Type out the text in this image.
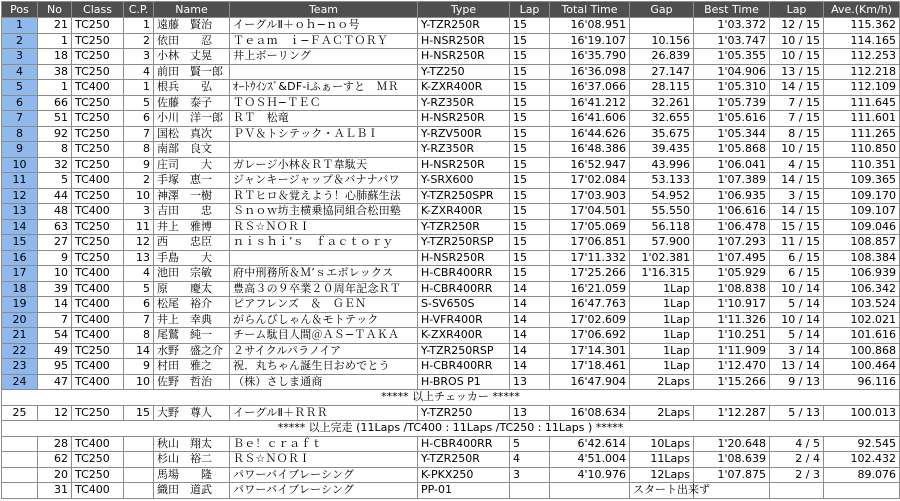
Pos	No	Class	C.P.	Name	Team	Type	Lap	Total Time	Gap	Best Time	Lap	Ave.(Km/h)
1	21	TC250	1	遠藤　賢治	イーグルⅡ＋ｏｈ−ｎｏ号	Y-TZR250R	15	16'08.951		1'03.372	12 / 15	115.362
2	1	TC250	2	依田　　忍	Ｔｅａｍ　ｉ−ＦＡＣＴＯＲＹ	H-NSR250R	15	16'19.107	10.156	1'03.747	10 / 15	114.165
3	18	TC250	3	小林　丈晃	井上ボーリング	H-NSR250R	15	16'35.790	26.839	1'05.355	10 / 15	112.253
4	38	TC250	4	前田　賢一郎		Y-TZ250	15	16'36.098	27.147	1'04.906	13 / 15	112.218
5	1	TC400	1	根兵　　弘	ｵｰﾄｳｲﾝｽﾞ&DF-iふぁーすと　ＭＲ	K-ZXR400R	15	16'37.066	28.115	1'05.310	14 / 15	112.109
6	66	TC250	5	佐藤　泰子	ＴＯＳＨ−ＴＥＣ	Y-RZ350R	15	16'41.212	32.261	1'05.739	7 / 15	111.645
7	51	TC250	6	小川　洋一郎	ＲＴ　松竜	H-NSR250R	15	16'41.606	32.655	1'05.616	7 / 15	111.601
8	92	TC250	7	国松　真次	ＰＶ＆トシテック・ＡＬＢＩ	Y-RZV500R	15	16'44.626	35.675	1'05.344	8 / 15	111.265
9	8	TC250	8	南部　良文		Y-RZ350R	15	16'48.386	39.435	1'05.868	10 / 15	110.850
10	32	TC250	9	庄司　　大	ガレージ小林＆ＲＴ韋駄天	H-NSR250R	15	16'52.947	43.996	1'06.041	4 / 15	110.351
11	5	TC400	2	手塚　恵一	ジャンキージャップ＆バナナバワ	Y-SRX600	15	17'02.084	53.133	1'07.389	14 / 15	109.365
12	44	TC250	10	神澤　一樹	ＲＴヒロ＆覚えよう！心肺蘇生法	Y-TZR250SPR	15	17'03.903	54.952	1'06.935	3 / 15	109.170
13	48	TC400	3	吉田　　忠	Ｓｎｏｗ坊主横乗協同組合松田塾	K-ZXR400R	15	17'04.501	55.550	1'06.616	14 / 15	109.107
14	63	TC250	11	井上　雅博	ＲＳ☆ＮＯＲＩ	Y-TZR250R	15	17'05.069	56.118	1'06.478	15 / 15	109.046
15	27	TC250	12	西　　忠臣	ｎｉｓｈｉ’ｓ　ｆａｃｔｏｒｙ	Y-TZR250RSP	15	17'06.851	57.900	1'07.293	11 / 15	108.857
16	9	TC250	13	手島　　大		H-NSR250R	15	17'11.332	1'02.381	1'07.495	6 / 15	108.384
17	10	TC400	4	池田　宗敏	府中刑務所＆Ｍ’ｓエボレックス	H-CBR400RR	15	17'25.266	1'16.315	1'05.929	6 / 15	106.939
18	39	TC400	5	原　　慶太	豊高３の９卒業２０周年記念ＲＴ	H-CBR400RR	14	16'21.059	1Lap	1'08.838	10 / 14	106.342
19	14	TC400	6	松尾　裕介	ピアフレンズ　＆　ＧＥＮ	S-SV650S	14	16'47.763	1Lap	1'10.917	5 / 14	103.524
20	7	TC400	7	井上　幸典	がらんびしゃん＆モトテック	H-VFR400R	14	17'02.609	1Lap	1'11.326	10 / 14	102.021
21	54	TC400	8	尾鷲　純一	チーム駄目人間＠ＡＳ−ＴＡＫＡ	K-ZXR400R	14	17'06.692	1Lap	1'10.251	5 / 14	101.616
22	49	TC250	14	水野　盛之介	２サイクルパラノイア	Y-TZR250RSP	14	17'14.301	1Lap	1'11.909	3 / 14	100.868
23	95	TC400	9	村田　雅之	祝．丸ちゃん誕生日おめでとう	H-CBR400RR	14	17'18.461	1Lap	1'12.470	13 / 14	100.464
24	47	TC400	10	佐野　哲治	（株）さしま通商	H-BROS P1	13	16'47.904	2Laps	1'15.266	9 / 13	96.116
***** 以上チェッカー *****												
25	12	TC250	15	大野　尊人	イーグルⅡ＋ＲＲＲ	Y-TZR250	13	16'08.634	2Laps	1'12.287	5 / 13	100.013
***** 以上完走 (11Laps /TC400 : 11Laps /TC250 : 11Laps ) *****												
	28	TC400		秋山　翔太	Ｂｅ！ｃｒａｆｔ	H-CBR400RR	5	6'42.614	10Laps	1'20.648	4 / 5	92.545
	62	TC250		杉山　裕二	ＲＳ☆ＮＯＲＩ	Y-TZR250R	4	4'51.004	11Laps	1'08.639	2 / 4	102.432
	20	TC250		馬場　　隆	パワーバイブレーシング	K-PKX250	3	4'10.976	12Laps	1'07.875	2 / 3	89.076
	31	TC400		織田　道武	パワーバイブレーシング	PP-01			スタート出来ず			
